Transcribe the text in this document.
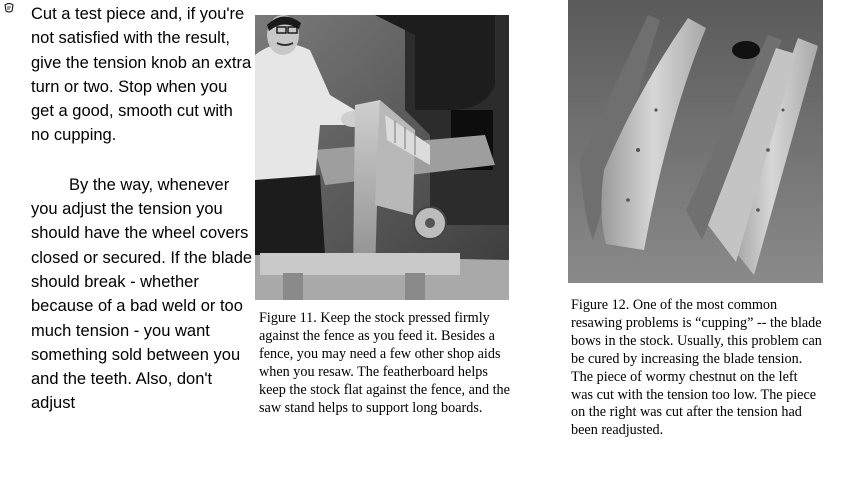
Cut a test piece and, if you're not satisfied with the result, give the tension knob an extra turn or two. Stop when you get a good, smooth cut with no cupping.

By the way, whenever you adjust the tension you should have the wheel covers closed or secured. If the blade should break - whether because of a bad weld or too much tension - you want something sold between you and the teeth. Also, don't adjust

Figure 11. Keep the stock pressed firmly against the fence as you feed it. Besides a fence, you may need a few other shop aids when you resaw. The featherboard helps keep the stock flat against the fence, and the saw stand helps to support long boards.
Figure 12. One of the most common resawing problems is “cupping” -- the blade bows in the stock. Usually, this problem can be cured by increasing the blade tension. The piece of wormy chestnut on the left was cut with the tension too low. The piece on the right was cut after the tension had been readjusted.
